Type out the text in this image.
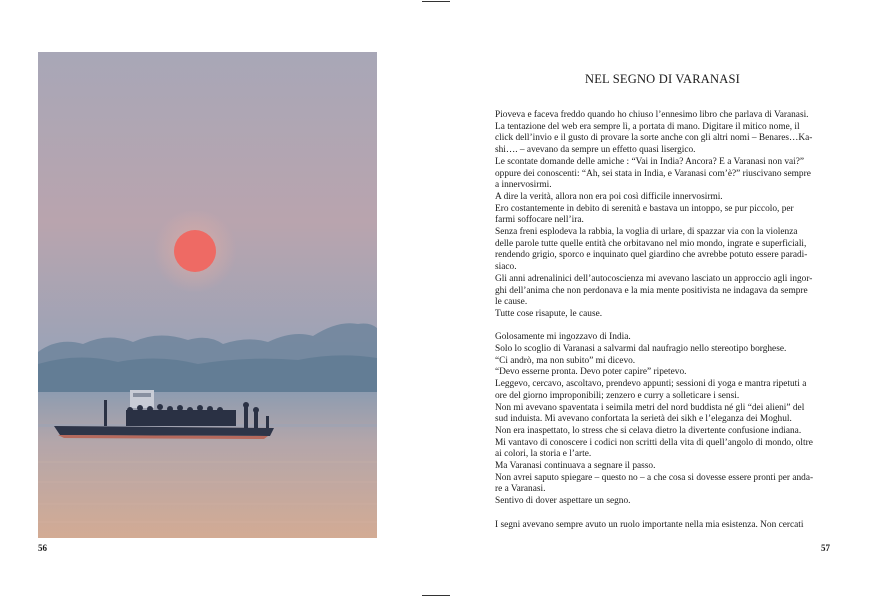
56	57
NEL SEGNO DI VARANASI
Pioveva e faceva freddo quando ho chiuso l’ennesimo libro che parlava di Varanasi.
La tentazione del web era sempre lì, a portata di mano. Digitare il mitico nome, il
click dell’invio e il gusto di provare la sorte anche con gli altri nomi – Benares…Ka-
shi…. – avevano da sempre un effetto quasi lisergico.
Le scontate domande delle amiche : “Vai in India? Ancora? E a Varanasi non vai?”
oppure dei conoscenti: “Ah, sei stata in India, e Varanasi com’è?” riuscivano sempre
a innervosirmi.
A dire la verità, allora non era poi così difficile innervosirmi.
Ero costantemente in debito di serenità e bastava un intoppo, se pur piccolo, per
farmi soffocare nell’ira.
Senza freni esplodeva la rabbia, la voglia di urlare, di spazzar via con la violenza
delle parole tutte quelle entità che orbitavano nel mio mondo, ingrate e superficiali,
rendendo grigio, sporco e inquinato quel giardino che avrebbe potuto essere paradi-
siaco.
Gli anni adrenalinici dell’autocoscienza mi avevano lasciato un approccio agli ingor-
ghi dell’anima che non perdonava e la mia mente positivista ne indagava da sempre
le cause.
Tutte cose risapute, le cause.
Golosamente mi ingozzavo di India.
Solo lo scoglio di Varanasi a salvarmi dal naufragio nello stereotipo borghese.
“Ci andrò, ma non subito” mi dicevo.
“Devo esserne pronta. Devo poter capire” ripetevo.
Leggevo, cercavo, ascoltavo, prendevo appunti; sessioni di yoga e mantra ripetuti a
ore del giorno improponibili; zenzero e curry a solleticare i sensi.
Non mi avevano spaventata i seimila metri del nord buddista né gli “dei alieni” del
sud induista. Mi avevano confortata la serietà dei sikh e l’eleganza dei Moghul.
Non era inaspettato, lo stress che si celava dietro la divertente confusione indiana.
Mi vantavo di conoscere i codici non scritti della vita di quell’angolo di mondo, oltre
ai colori, la storia e l’arte.
Ma Varanasi continuava a segnare il passo.
Non avrei saputo spiegare – questo no – a che cosa si dovesse essere pronti per anda-
re a Varanasi.
Sentivo di dover aspettare un segno.
I segni avevano sempre avuto un ruolo importante nella mia esistenza. Non cercati
